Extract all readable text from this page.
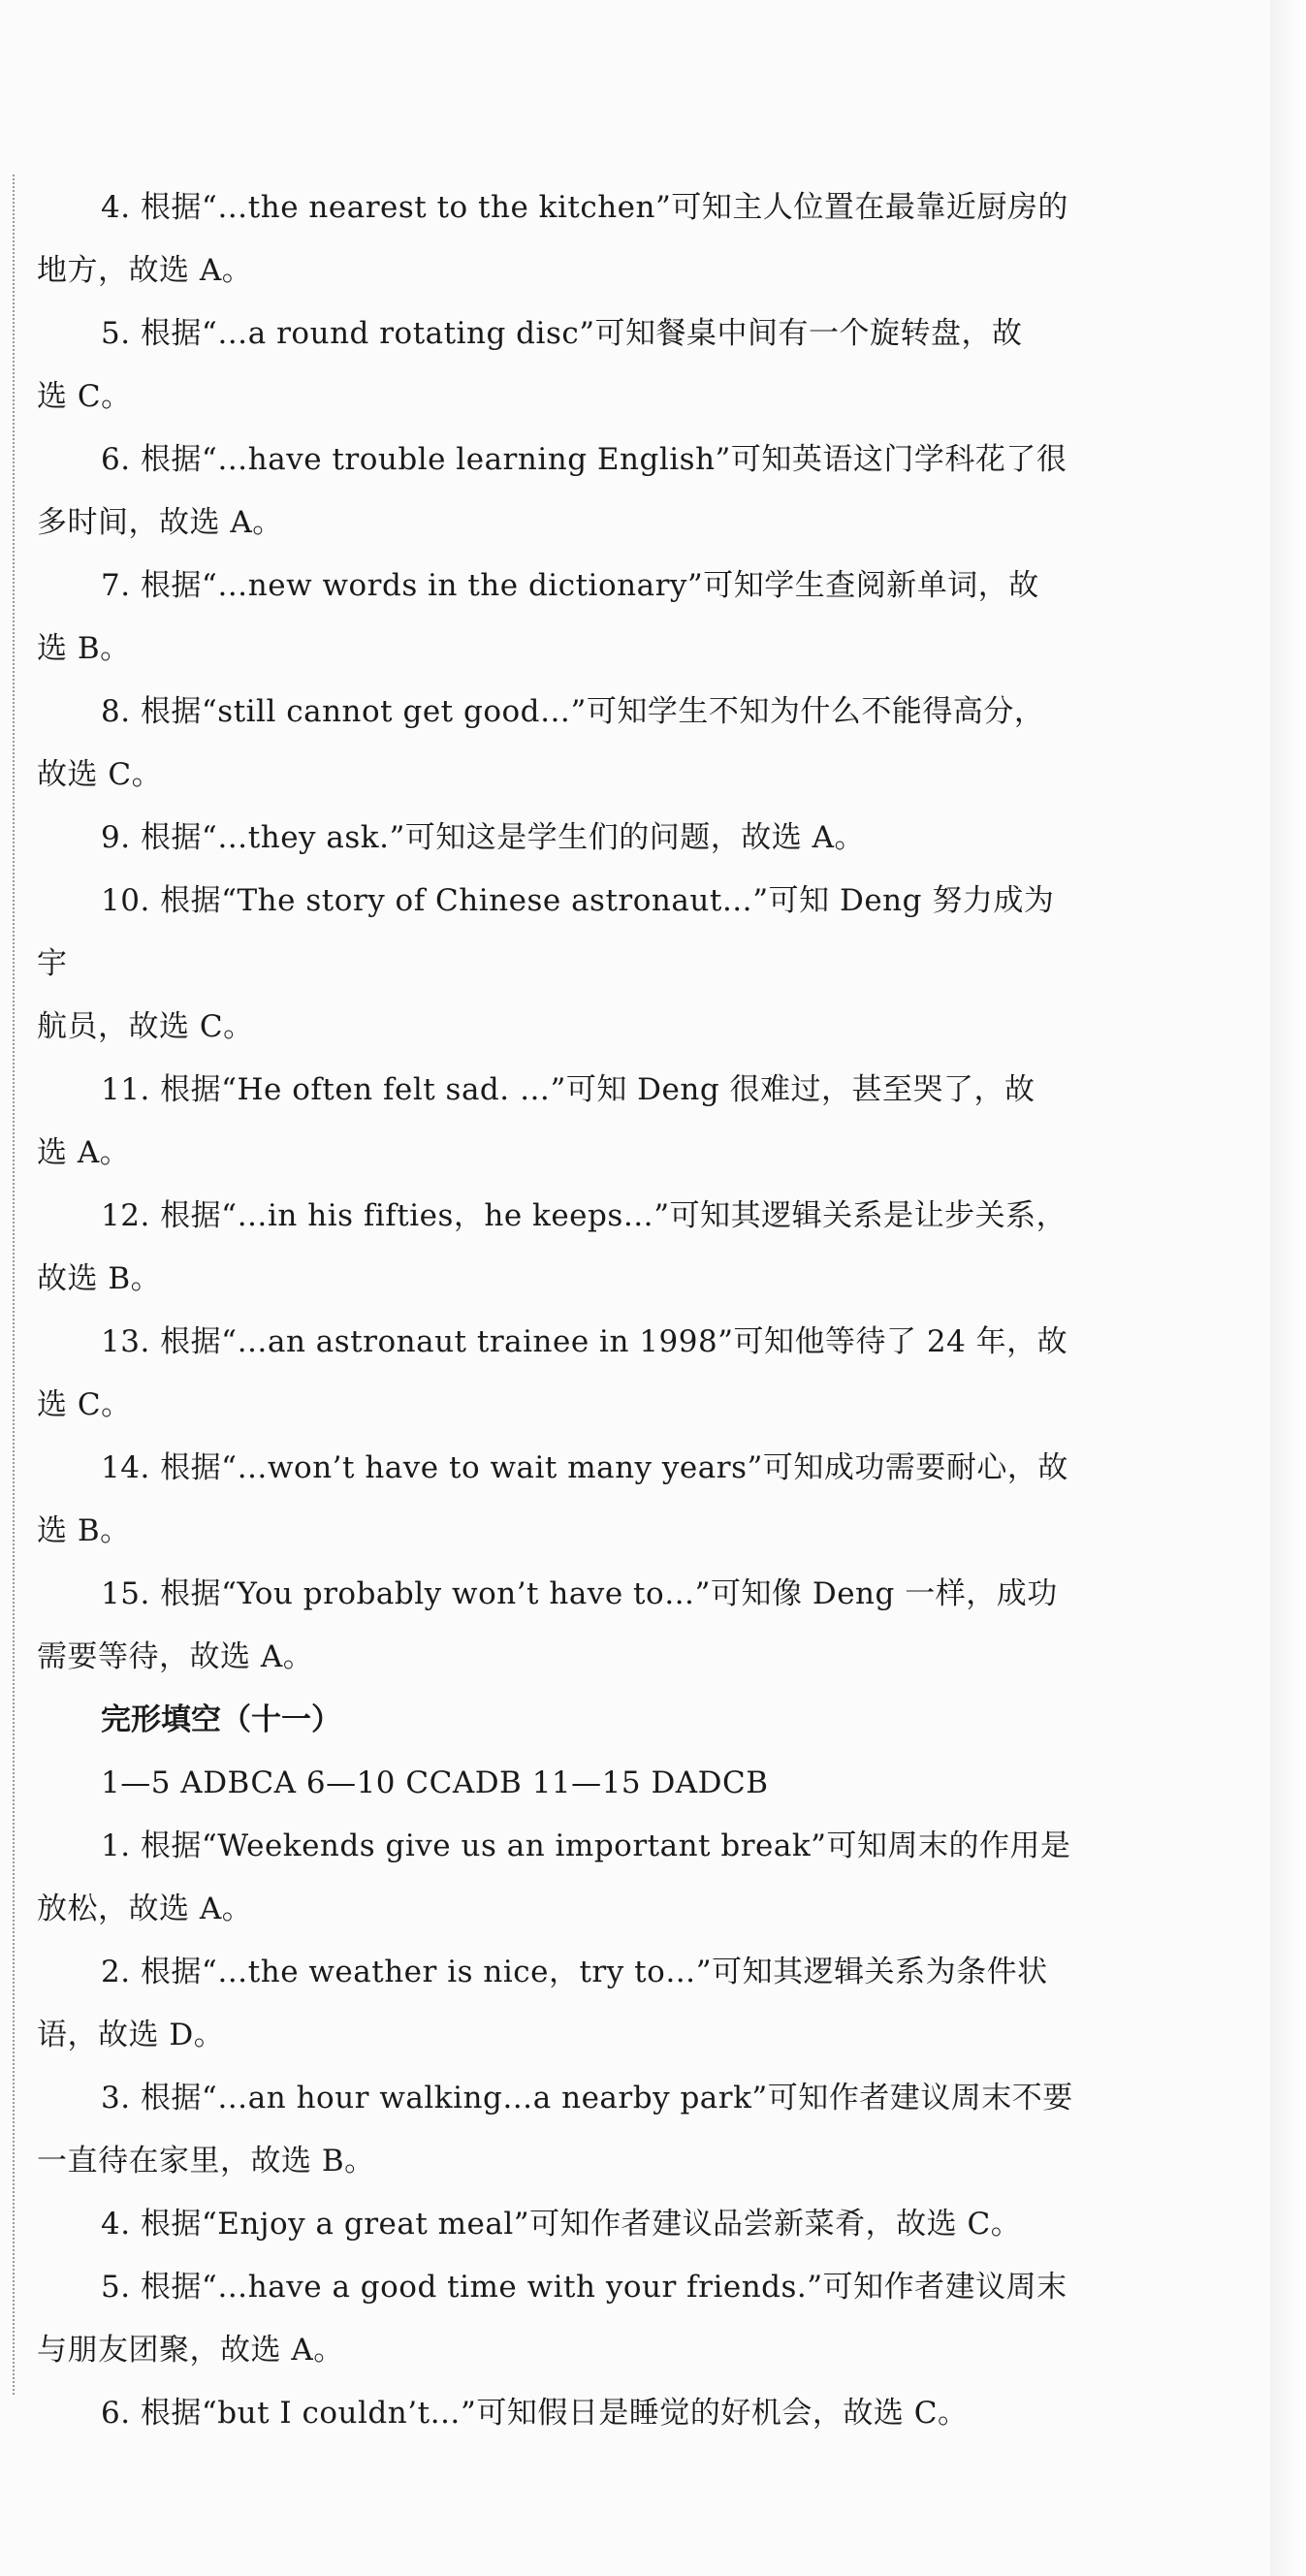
4. 根据“…the nearest to the kitchen”可知主人位置在最靠近厨房的
地方，故选 A。

5. 根据“…a round rotating disc”可知餐桌中间有一个旋转盘，故
选 C。

6. 根据“…have trouble learning English”可知英语这门学科花了很
多时间，故选 A。

7. 根据“…new words in the dictionary”可知学生查阅新单词，故
选 B。

8. 根据“still cannot get good…”可知学生不知为什么不能得高分，
故选 C。

9. 根据“…they ask.”可知这是学生们的问题，故选 A。

10. 根据“The story of Chinese astronaut…”可知 Deng 努力成为宇
航员，故选 C。

11. 根据“He often felt sad. …”可知 Deng 很难过，甚至哭了，故
选 A。

12. 根据“…in his fifties，he keeps…”可知其逻辑关系是让步关系，
故选 B。

13. 根据“…an astronaut trainee in 1998”可知他等待了 24 年，故
选 C。

14. 根据“…won’t have to wait many years”可知成功需要耐心，故
选 B。

15. 根据“You probably won’t have to…”可知像 Deng 一样，成功
需要等待，故选 A。

完形填空（十一）

1—5 ADBCA 6—10 CCADB 11—15 DADCB

1. 根据“Weekends give us an important break”可知周末的作用是
放松，故选 A。

2. 根据“…the weather is nice，try to…”可知其逻辑关系为条件状
语，故选 D。

3. 根据“…an hour walking…a nearby park”可知作者建议周末不要
一直待在家里，故选 B。

4. 根据“Enjoy a great meal”可知作者建议品尝新菜肴，故选 C。

5. 根据“…have a good time with your friends.”可知作者建议周末
与朋友团聚，故选 A。

6. 根据“but I couldn’t…”可知假日是睡觉的好机会，故选 C。
